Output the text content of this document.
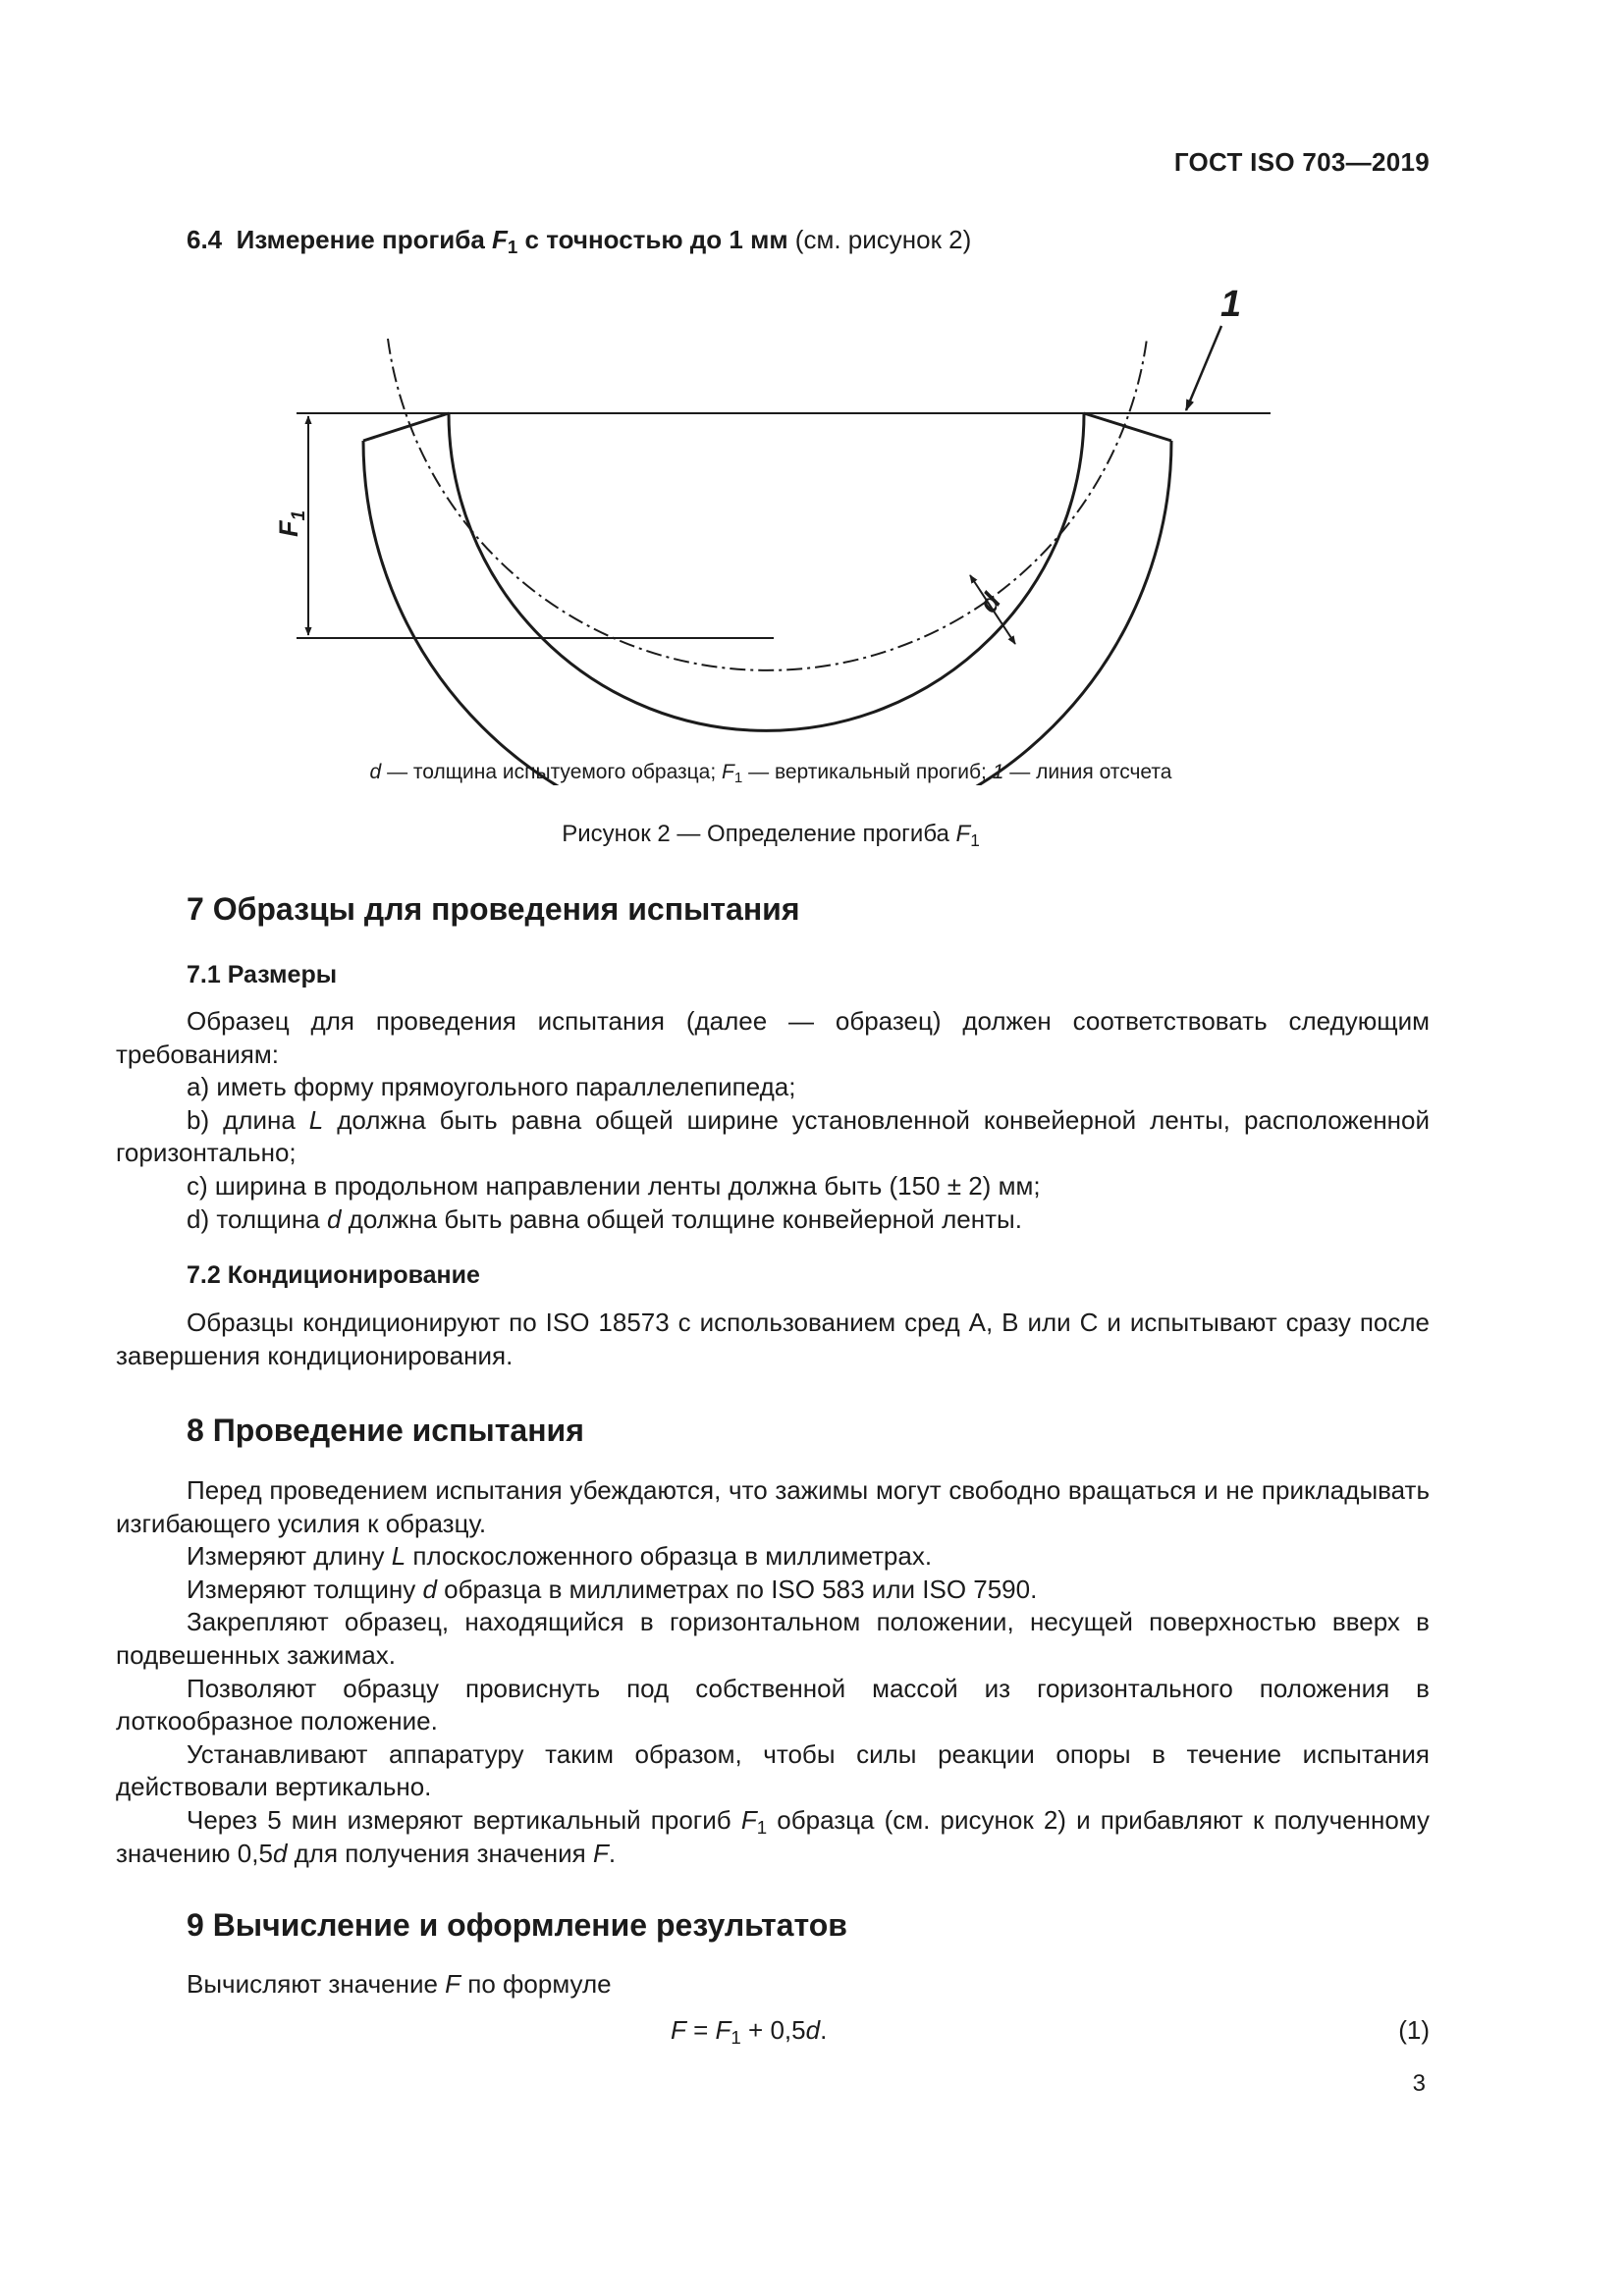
ГОСТ ISO 703—2019
6.4 Измерение прогиба $F_1$ с точностью до 1 мм (см. рисунок 2)
1
$F_1$
d
d — толщина испытуемого образца; $F_1$ — вертикальный прогиб; 1 — линия отсчета
Рисунок 2 — Определение прогиба $F_1$
7 Образцы для проведения испытания
7.1 Размеры

Образец для проведения испытания (далее — образец) должен соответствовать следующим требованиям:

a) иметь форму прямоугольного параллелепипеда;

b) длина L должна быть равна общей ширине установленной конвейерной ленты, расположенной горизонтально;

c) ширина в продольном направлении ленты должна быть (150 ± 2) мм;

d) толщина d должна быть равна общей толщине конвейерной ленты.

7.2 Кондиционирование

Образцы кондиционируют по ISO 18573 с использованием сред А, В или С и испытывают сразу после завершения кондиционирования.

8 Проведение испытания

Перед проведением испытания убеждаются, что зажимы могут свободно вращаться и не прикладывать изгибающего усилия к образцу.

Измеряют длину L плоскосложенного образца в миллиметрах.

Измеряют толщину d образца в миллиметрах по ISO 583 или ISO 7590.

Закрепляют образец, находящийся в горизонтальном положении, несущей поверхностью вверх в подвешенных зажимах.

Позволяют образцу провиснуть под собственной массой из горизонтального положения в лоткообразное положение.

Устанавливают аппаратуру таким образом, чтобы силы реакции опоры в течение испытания действовали вертикально.

Через 5 мин измеряют вертикальный прогиб $F_1$ образца (см. рисунок 2) и прибавляют к полученному значению 0,5d для получения значения F.

9 Вычисление и оформление результатов

Вычисляют значение F по формуле

$F = F_1 + 0,5d$.	(1)
3
